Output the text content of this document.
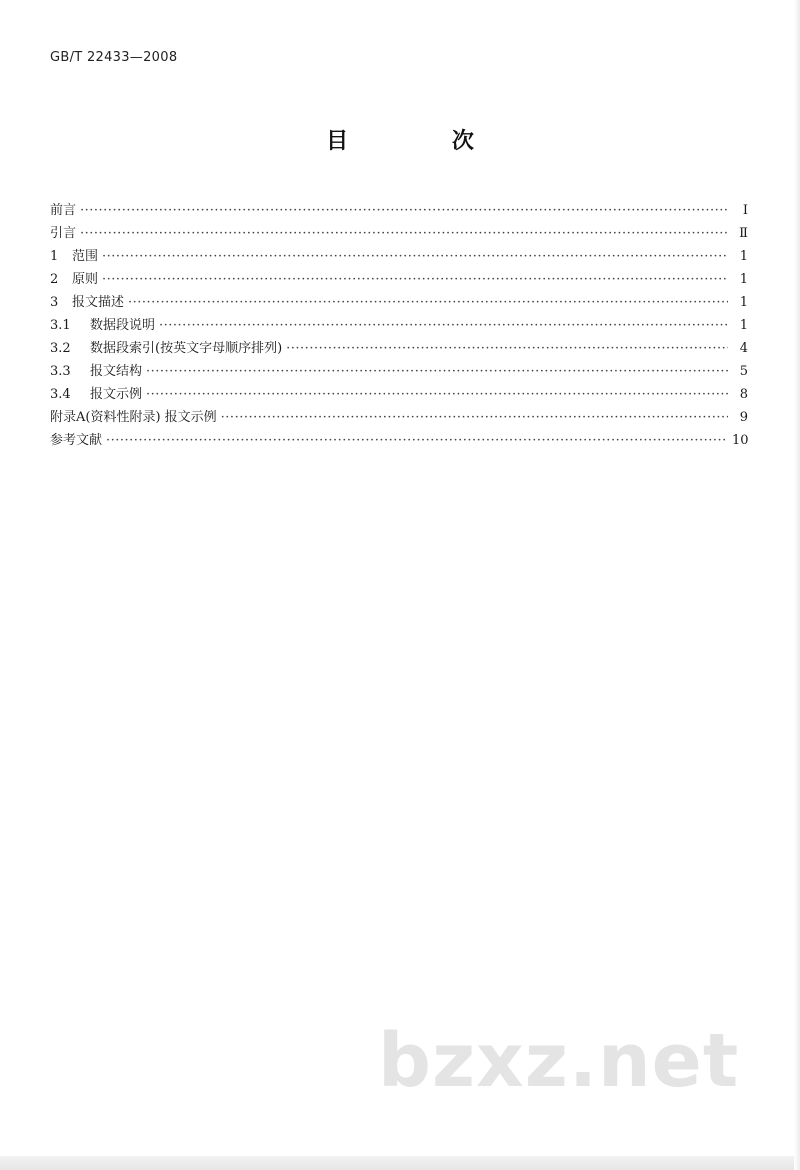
GB/T 22433—2008
目 次
前言 ·····	Ⅰ
引言 ·····	Ⅱ
1	范围 ·····	1
2	原则 ·····	1
3	报文描述 ·····	1
3.1	数据段说明 ·····	1
3.2	数据段索引(按英文字母顺序排列) ·····	4
3.3	报文结构 ·····	5
3.4	报文示例 ·····	8
附录A(资料性附录) 报文示例 ·····	9
参考文献 ·····	10
bzxz.net
